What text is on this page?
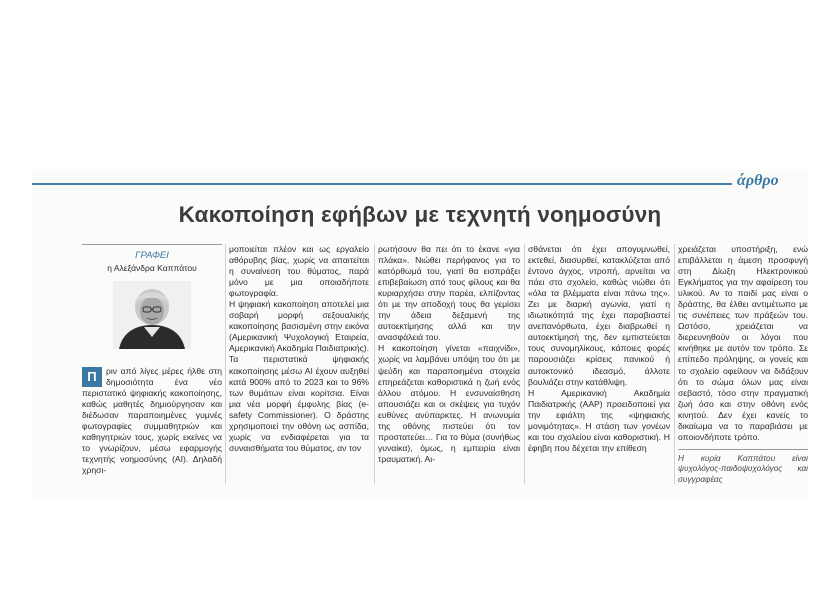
άρθρο
Κακοποίηση εφήβων με τεχνητή νοημοσύνη
ΓΡΑΦΕΙ
η Αλεξάνδρα Καππάτου
Π	ριν από λίγες μέρες ήλθε στη δημοσιότητα ένα νέο περιστατικό ψηφιακής κακοποίησης, καθώς μαθητές δημιούργησαν και διέδωσαν παραποιημένες γυμνές φωτογραφίες συμμαθητριών και καθηγητριών τους, χωρίς εκείνες να το γνωρίζουν, μέσω εφαρμογής τεχνητής νοημοσύνης (AI). Δηλαδή χρησι-

μοποιείται πλέον και ως εργαλείο αθόρυβης βίας, χωρίς να απαιτείται η συναίνεση του θύματος, παρά μόνο με μια οποιαδήποτε φωτογραφία.

Η ψηφιακή κακοποίηση αποτελεί μια σοβαρή μορφή σεξουαλικής κακοποίησης βασισμένη στην εικόνα (Αμερικανική Ψυχολογική Εταιρεία, Αμερικανική Ακαδημία Παιδιατρικής). Τα περιστατικά ψηφιακής κακοποίησης μέσω AI έχουν αυξηθεί κατά 900% από το 2023 και το 96% των θυμάτων είναι κορίτσια. Είναι μια νέα μορφή έμφυλης βίας (e-safety Commissioner). Ο δράστης χρησιμοποιεί την οθόνη ως ασπίδα, χωρίς να ενδιαφέρεται για τα συναισθήματα του θύματος, αν τον

ρωτήσουν θα πει ότι το έκανε «για πλάκα». Νιώθει περήφανος για το κατόρθωμά του, γιατί θα εισπράξει επιβεβαίωση από τους φίλους και θα κυριαρχήσει στην παρέα, ελπίζοντας ότι με την αποδοχή τους θα γεμίσει την άδεια δεξαμενή της αυτοεκτίμησης αλλά και την ανασφάλειά του.

Η κακοποίηση γίνεται «παιχνίδι», χωρίς να λαμβάνει υπόψη του ότι με ψεύδη και παραποιημένα στοιχεία επηρεάζεται καθοριστικά η ζωή ενός άλλου ατόμου. Η ενσυναίσθηση απουσιάζει και οι σκέψεις για τυχόν ευθύνες ανύπαρκτες. Η ανωνυμία της οθόνης πιστεύει ότι τον προστατεύει… Για το θύμα (συνήθως γυναίκα), όμως, η εμπειρία είναι τραυματική. Αι-

σθάνεται ότι έχει απογυμνωθεί, εκτεθεί, διασυρθεί, κατακλύζεται από έντονο άγχος, ντροπή, αρνείται να πάει στο σχολείο, καθώς νιώθει ότι «όλα τα βλέμματα είναι πάνω της». Ζει με διαρκή αγωνία, γιατί η ιδιωτικότητά της έχει παραβιαστεί ανεπανόρθωτα, έχει διαβρωθεί η αυτοεκτίμησή της, δεν εμπιστεύεται τους συνομηλίκους, κάποιες φορές παρουσιάζει κρίσεις πανικού ή αυτοκτονικό ιδεασμό, άλλοτε βουλιάζει στην κατάθλιψη.

Η Αμερικανική Ακαδημία Παιδιατρικής (AAP) προειδοποιεί για την εφιάλτη της «ψηφιακής μονιμότητας». Η στάση των γονέων και του σχολείου είναι καθοριστική. Η έφηβη που δέχεται την επίθεση

χρειάζεται υποστήριξη, ενώ επιβάλλεται η άμεση προσφυγή στη Δίωξη Ηλεκτρονικού Εγκλήματος για την αφαίρεση του υλικού. Αν το παιδί μας είναι ο δράστης, θα έλθει αντιμέτωπο με τις συνέπειες των πράξεών του. Ωστόσο, χρειάζεται να διερευνηθούν οι λόγοι που κινήθηκε με αυτόν τον τρόπο. Σε επίπεδο πρόληψης, οι γονείς και το σχολείο οφείλουν να διδάξουν ότι το σώμα όλων μας είναι σεβαστό, τόσο στην πραγματική ζωή όσο και στην οθόνη ενός κινητού. Δεν έχει κανείς το δικαίωμα να το παραβιάσει με οποιονδήποτε τρόπο.

Η κυρία Καππάτου είναι ψυχολόγος-παιδοψυχολόγος και συγγραφέας
